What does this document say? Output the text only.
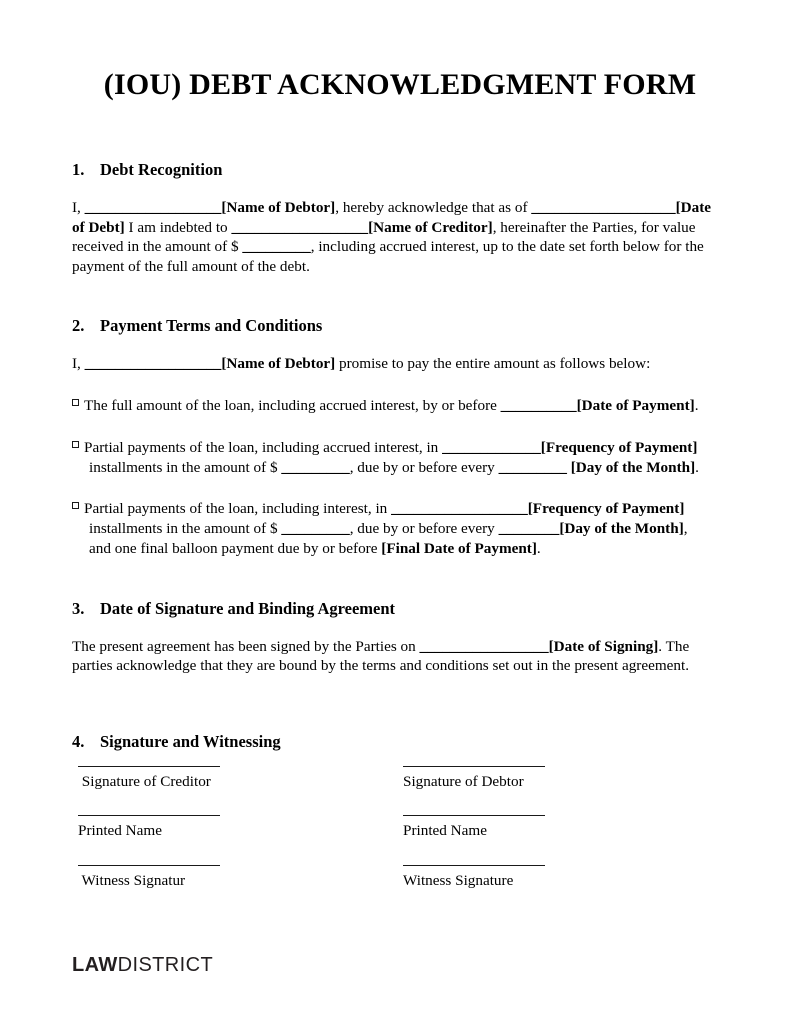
(IOU) DEBT ACKNOWLEDGMENT FORM
1. Debt Recognition

I, __________________[Name of Debtor], hereby acknowledge that as of ___________________[Date of Debt] I am indebted to __________________[Name of Creditor], hereinafter the Parties, for value received in the amount of $ _________, including accrued interest, up to the date set forth below for the payment of the full amount of the debt.

2. Payment Terms and Conditions

I, __________________[Name of Debtor] promise to pay the entire amount as follows below:

The full amount of the loan, including accrued interest, by or before __________[Date of Payment].
Partial payments of the loan, including accrued interest, in _____________[Frequency of Payment]
installments in the amount of $ _________, due by or before every _________ [Day of the Month].
Partial payments of the loan, including interest, in __________________[Frequency of Payment]
installments in the amount of $ _________, due by or before every ________[Day of the Month],
and one final balloon payment due by or before [Final Date of Payment].
3. Date of Signature and Binding Agreement

The present agreement has been signed by the Parties on _________________[Date of Signing]. The parties acknowledge that they are bound by the terms and conditions set out in the present agreement.

4. Signature and Witnessing
Signature of Creditor	Signature of Debtor
Printed Name	Printed Name
Witness Signatur	Witness Signature
LAWDISTRICT
